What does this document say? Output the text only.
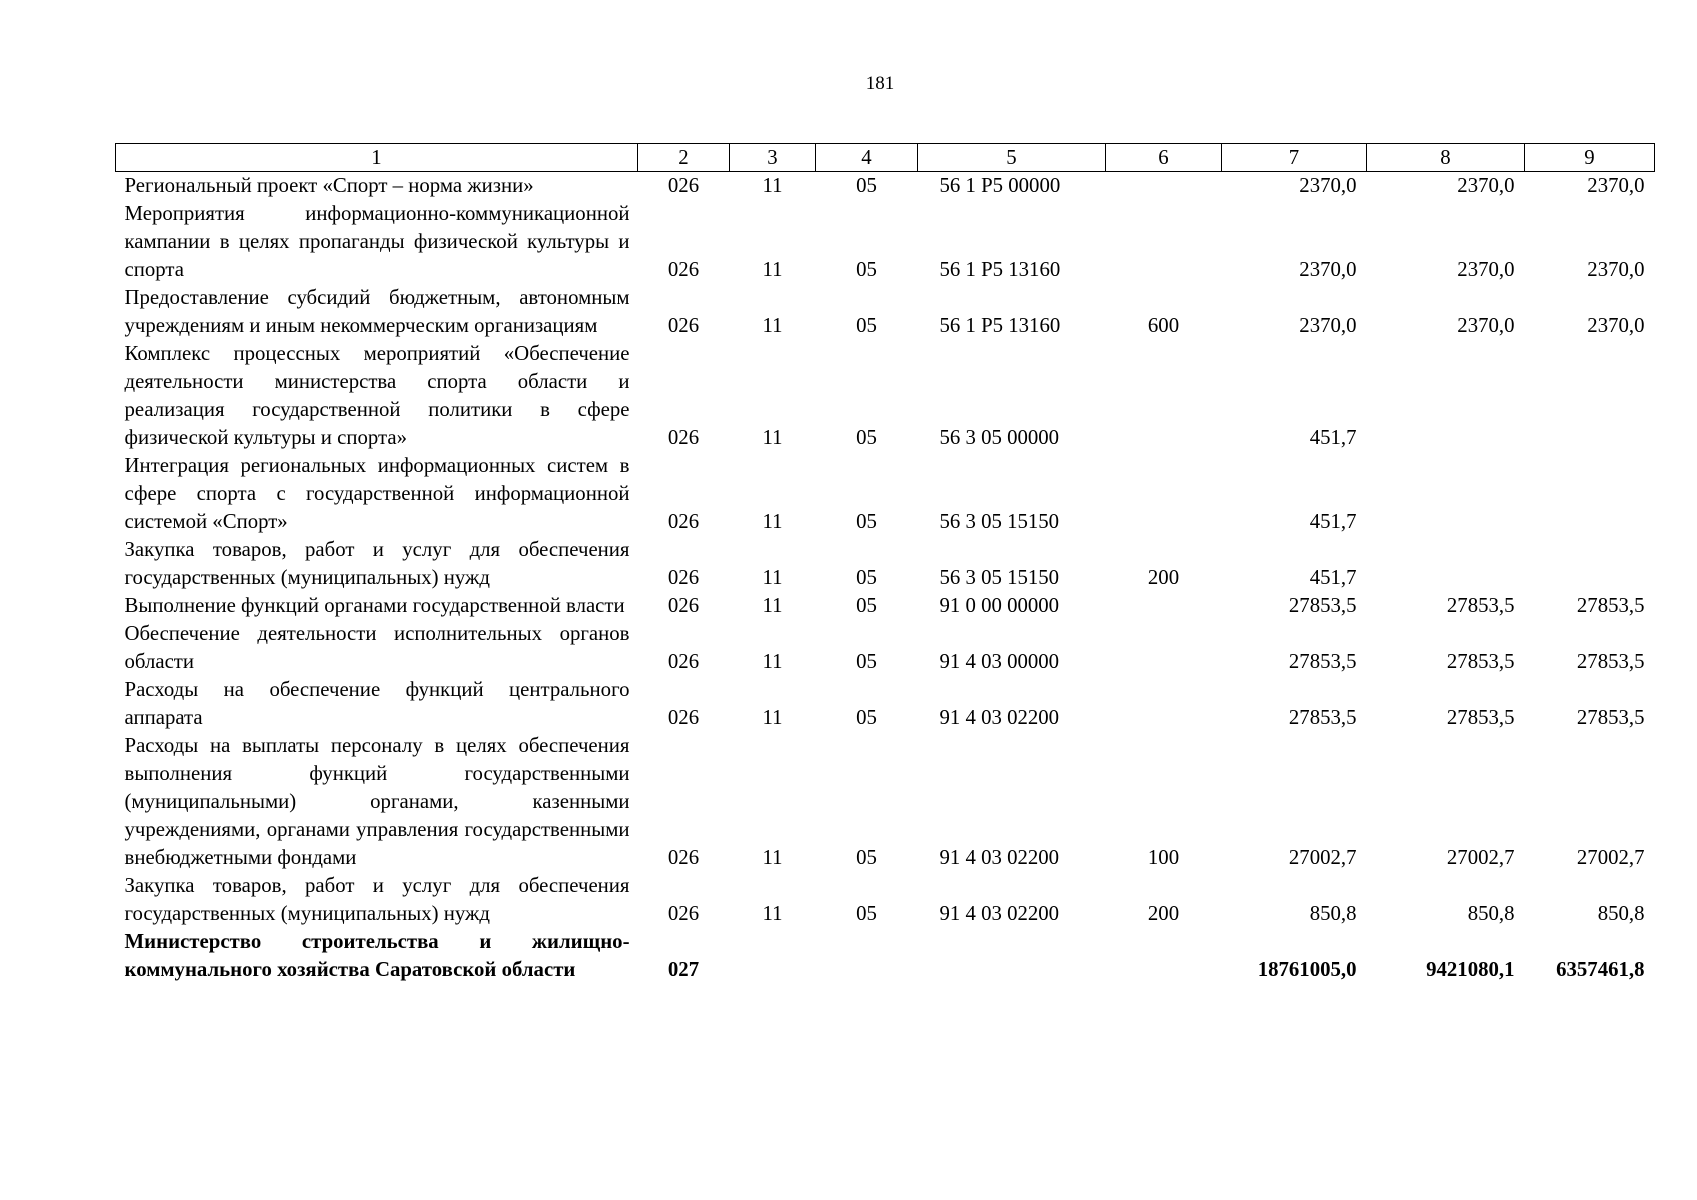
181
1	2	3	4	5	6	7	8	9
Региональный проект «Спорт – норма жизни»	026	11	05	56 1 P5 00000		2370,0	2370,0	2370,0
Мероприятия информационно-коммуникационной кампании в целях пропаганды физической культуры и спорта	026	11	05	56 1 P5 13160		2370,0	2370,0	2370,0
Предоставление субсидий бюджетным, автономным учреждениям и иным некоммерческим организациям	026	11	05	56 1 P5 13160	600	2370,0	2370,0	2370,0
Комплекс процессных мероприятий «Обеспечение деятельности министерства спорта области и реализация государственной политики в сфере физической культуры и спорта»	026	11	05	56 3 05 00000		451,7		
Интеграция региональных информационных систем в сфере спорта с государственной информационной системой «Спорт»	026	11	05	56 3 05 15150		451,7		
Закупка товаров, работ и услуг для обеспечения государственных (муниципальных) нужд	026	11	05	56 3 05 15150	200	451,7		
Выполнение функций органами государственной власти	026	11	05	91 0 00 00000		27853,5	27853,5	27853,5
Обеспечение деятельности исполнительных органов области	026	11	05	91 4 03 00000		27853,5	27853,5	27853,5
Расходы на обеспечение функций центрального аппарата	026	11	05	91 4 03 02200		27853,5	27853,5	27853,5
Расходы на выплаты персоналу в целях обеспечения выполнения функций государственными (муниципальными) органами, казенными учреждениями, органами управления государственными внебюджетными фондами	026	11	05	91 4 03 02200	100	27002,7	27002,7	27002,7
Закупка товаров, работ и услуг для обеспечения государственных (муниципальных) нужд	026	11	05	91 4 03 02200	200	850,8	850,8	850,8
Министерство строительства и жилищно-коммунального хозяйства Саратовской области	027					18761005,0	9421080,1	6357461,8
